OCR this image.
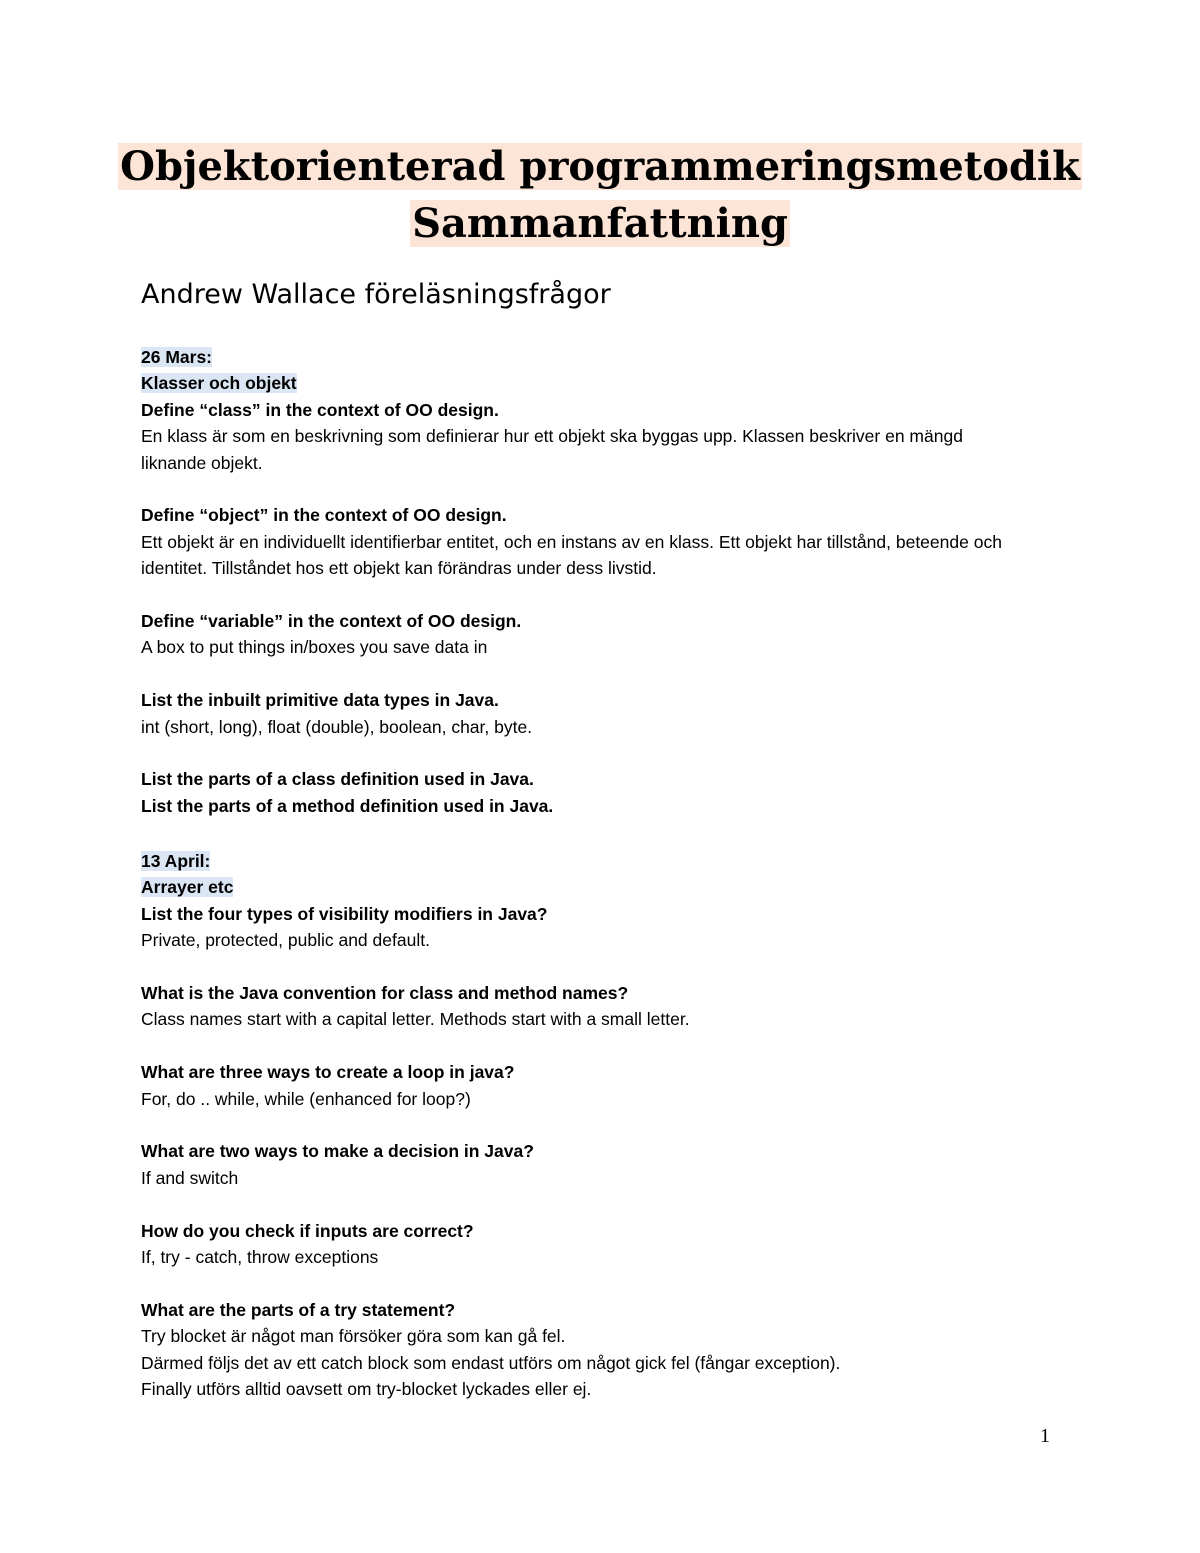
Objektorienterad programmeringsmetodik
Sammanfattning
Andrew Wallace föreläsningsfrågor
26 Mars:
Klasser och objekt
Define “class” in the context of OO design.
En klass är som en beskrivning som definierar hur ett objekt ska byggas upp. Klassen beskriver en mängd liknande objekt.
Define “object” in the context of OO design.
Ett objekt är en individuellt identifierbar entitet, och en instans av en klass. Ett objekt har tillstånd, beteende och identitet. Tillståndet hos ett objekt kan förändras under dess livstid.
Define “variable” in the context of OO design.
A box to put things in/boxes you save data in
List the inbuilt primitive data types in Java.
int (short, long), float (double), boolean, char, byte.
List the parts of a class definition used in Java.
List the parts of a method definition used in Java.
13 April:
Arrayer etc
List the four types of visibility modifiers in Java?
Private, protected, public and default.
What is the Java convention for class and method names?
Class names start with a capital letter. Methods start with a small letter.
What are three ways to create a loop in java?
For, do .. while, while (enhanced for loop?)
What are two ways to make a decision in Java?
If and switch
How do you check if inputs are correct?
If, try - catch, throw exceptions
What are the parts of a try statement?
Try blocket är något man försöker göra som kan gå fel.
Därmed följs det av ett catch block som endast utförs om något gick fel (fångar exception).
Finally utförs alltid oavsett om try-blocket lyckades eller ej.
1
